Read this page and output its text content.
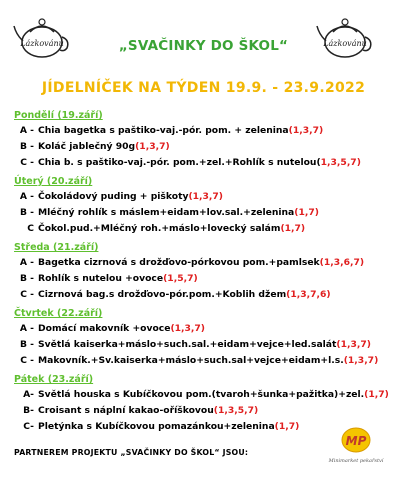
Lázkovánu	Lázkovánu
„SVAČINKY DO ŠKOL“
JÍDELNÍČEK NA TÝDEN 19.9. - 23.9.2022
Pondělí (19.září)
A - Chia bagetka s paštiko-vaj.-pór. pom. + zelenina (1,3,7)
B - Koláč jablečný 90g (1,3,7)
C - Chia b. s paštiko-vaj.-pór. pom.+zel.+Rohlík s nutelou( 1,3,5,7)
Úterý (20.září)
A - Čokoládový puding + piškoty (1,3,7)
B - Mléčný rohlík s máslem+eidam+lov.sal.+zelenina (1,7)
C Čokol.pud.+Mléčný roh.+máslo+lovecký salám (1,7)
Středa (21.září)
A - Bagetka cizrnová s drožďovo-pórkovou pom.+pamlsek (1,3,6,7)
B - Rohlík s nutelou +ovoce (1,5,7)
C - Cizrnová bag.s drožďovo-pór.pom.+Koblih džem (1,3,7,6)
Čtvrtek (22.září)
A - Domácí makovník +ovoce (1,3,7)
B - Světlá kaiserka+máslo+such.sal.+eidam+vejce+led.salát (1,3,7)
C - Makovník.+Sv.kaiserka+máslo+such.sal+vejce+eidam+l.s. (1,3,7)
Pátek (23.září)
A- Světlá houska s Kubíčkovou pom.(tvaroh+šunka+pažitka)+zel. (1,7)
B- Croisant s náplní kakao-oříškovou (1,3,5,7)
C- Pletýnka s Kubíčkovou pomazánkou+zelenina (1,7)
PARTNEREM PROJEKTU „SVAČINKY DO ŠKOL“ JSOU:
MP
Minimarket pekařství
